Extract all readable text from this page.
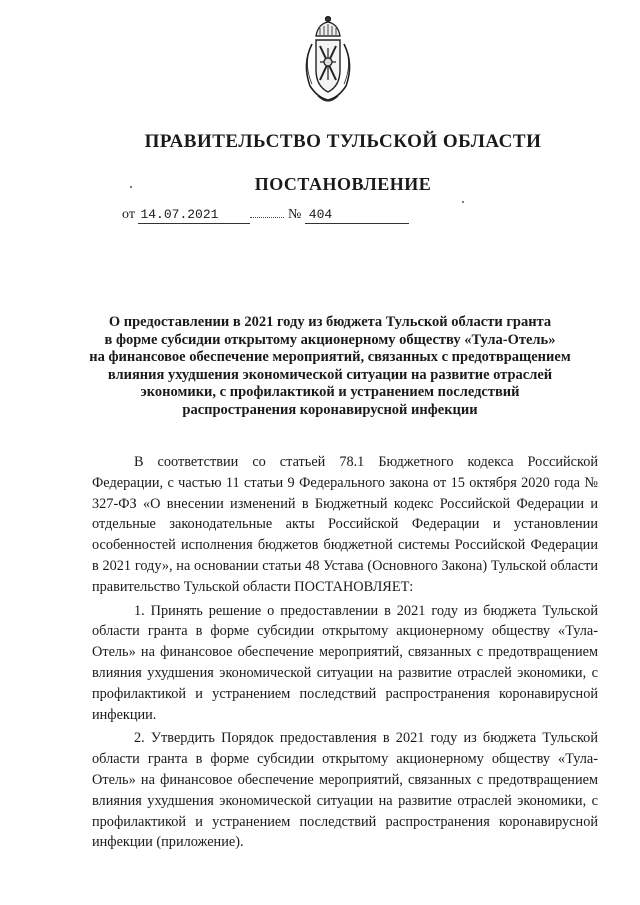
ПРАВИТЕЛЬСТВО ТУЛЬСКОЙ ОБЛАСТИ
ПОСТАНОВЛЕНИЕ
от 14.07.2021	№ 404
О предоставлении в 2021 году из бюджета Тульской области гранта
в форме субсидии открытому акционерному обществу «Тула-Отель»
на финансовое обеспечение мероприятий, связанных с предотвращением
влияния ухудшения экономической ситуации на развитие отраслей
экономики, с профилактикой и устранением последствий
распространения коронавирусной инфекции

В соответствии со статьей 78.1 Бюджетного кодекса Российской Федерации, с частью 11 статьи 9 Федерального закона от 15 октября 2020 года № 327-ФЗ «О внесении изменений в Бюджетный кодекс Российской Федерации и отдельные законодательные акты Российской Федерации и установлении особенностей исполнения бюджетов бюджетной системы Российской Федерации в 2021 году», на основании статьи 48 Устава (Основного Закона) Тульской области правительство Тульской области ПОСТАНОВЛЯЕТ:

1. Принять решение о предоставлении в 2021 году из бюджета Тульской области гранта в форме субсидии открытому акционерному обществу «Тула-Отель» на финансовое обеспечение мероприятий, связанных с предотвращением влияния ухудшения экономической ситуации на развитие отраслей экономики, с профилактикой и устранением последствий распространения коронавирусной инфекции.

2. Утвердить Порядок предоставления в 2021 году из бюджета Тульской области гранта в форме субсидии открытому акционерному обществу «Тула-Отель» на финансовое обеспечение мероприятий, связанных с предотвращением влияния ухудшения экономической ситуации на развитие отраслей экономики, с профилактикой и устранением последствий распространения коронавирусной инфекции (приложение).
